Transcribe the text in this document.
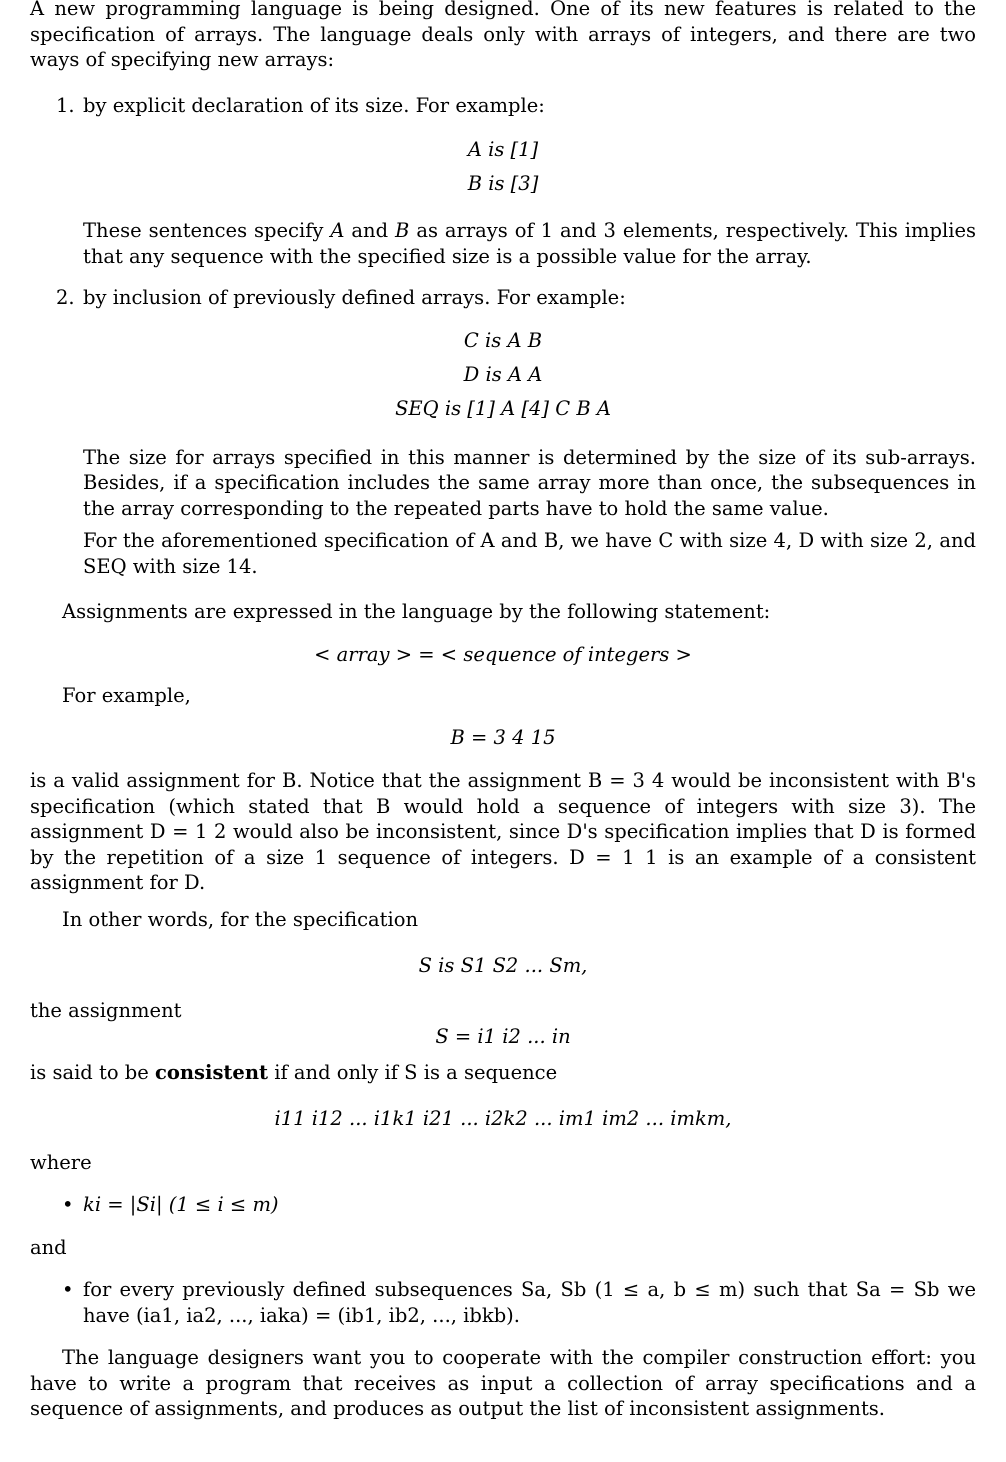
A new programming language is being designed. One of its new features is related to the specification of arrays. The language deals only with arrays of integers, and there are two ways of specifying new arrays:

1. by explicit declaration of its size. For example:

A is [1]
B is [3]

These sentences specify A and B as arrays of 1 and 3 elements, respectively. This implies that any sequence with the specified size is a possible value for the array.

2. by inclusion of previously defined arrays. For example:

C is A B
D is A A
SEQ is [1] A [4] C B A

The size for arrays specified in this manner is determined by the size of its sub-arrays. Besides, if a specification includes the same array more than once, the subsequences in the array corresponding to the repeated parts have to hold the same value.

For the aforementioned specification of A and B, we have C with size 4, D with size 2, and SEQ with size 14.

Assignments are expressed in the language by the following statement:

< array > = < sequence of integers >

For example,

B = 3 4 15

is a valid assignment for B. Notice that the assignment B = 3 4 would be inconsistent with B's specification (which stated that B would hold a sequence of integers with size 3). The assignment D = 1 2 would also be inconsistent, since D's specification implies that D is formed by the repetition of a size 1 sequence of integers. D = 1 1 is an example of a consistent assignment for D.

In other words, for the specification

S is S1 S2 ... Sm,

the assignment

S = i1 i2 ... in

is said to be consistent if and only if S is a sequence

i11 i12 ... i1k1 i21 ... i2k2 ... im1 im2 ... imkm,

where

• ki = |Si| (1 ≤ i ≤ m)

and

• for every previously defined subsequences Sa, Sb (1 ≤ a, b ≤ m) such that Sa = Sb we have (ia1, ia2, ..., iaka) = (ib1, ib2, ..., ibkb).

The language designers want you to cooperate with the compiler construction effort: you have to write a program that receives as input a collection of array specifications and a sequence of assignments, and produces as output the list of inconsistent assignments.
